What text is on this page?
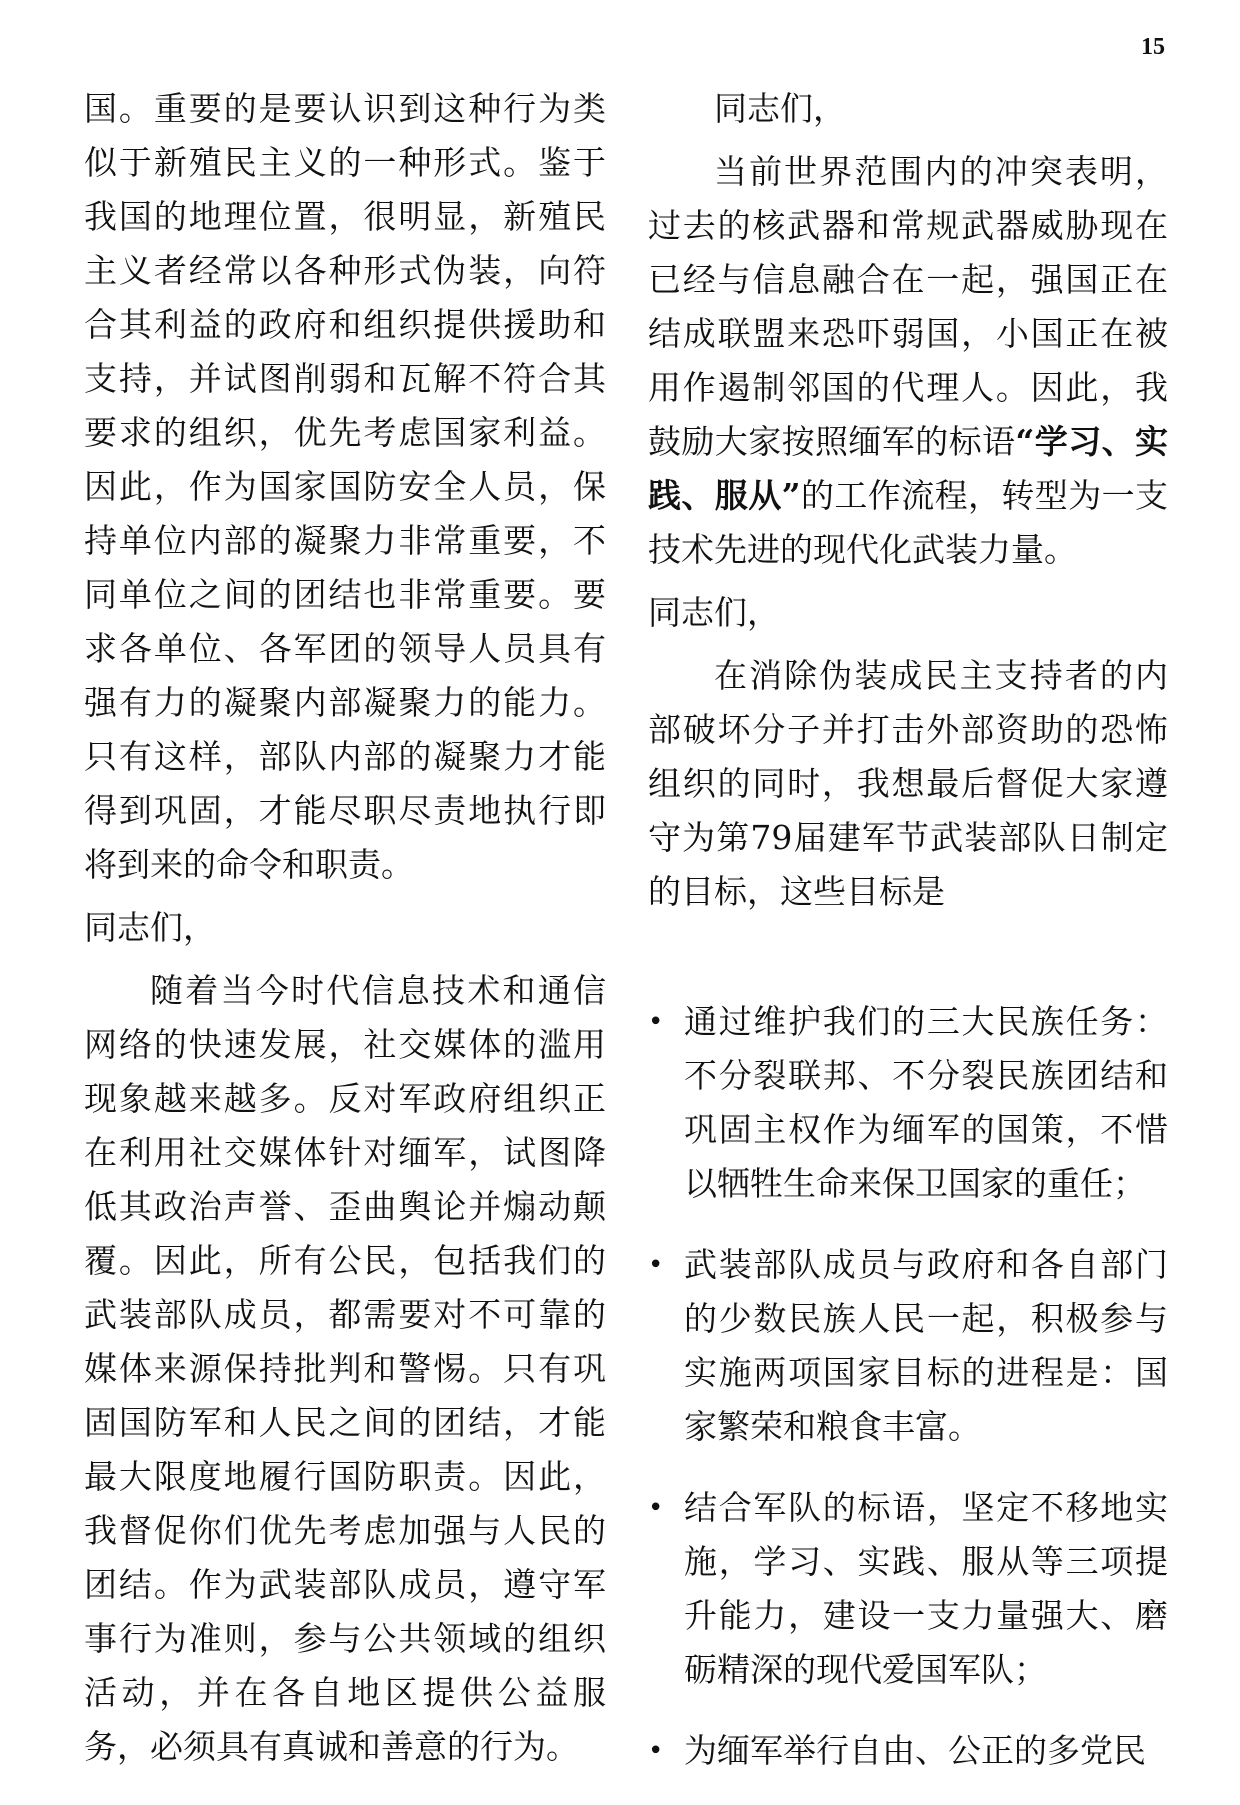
15

国。重要的是要认识到这种行为类似于新殖民主义的一种形式。鉴于我国的地理位置，很明显，新殖民主义者经常以各种形式伪装，向符合其利益的政府和组织提供援助和支持，并试图削弱和瓦解不符合其要求的组织，优先考虑国家利益。因此，作为国家国防安全人员，保持单位内部的凝聚力非常重要，不同单位之间的团结也非常重要。要求各单位、各军团的领导人员具有强有力的凝聚内部凝聚力的能力。只有这样，部队内部的凝聚力才能得到巩固，才能尽职尽责地执行即将到来的命令和职责。

同志们，

随着当今时代信息技术和通信网络的快速发展，社交媒体的滥用现象越来越多。反对军政府组织正在利用社交媒体针对缅军，试图降低其政治声誉、歪曲舆论并煽动颠覆。因此，所有公民，包括我们的武装部队成员，都需要对不可靠的媒体来源保持批判和警惕。只有巩固国防军和人民之间的团结，才能最大限度地履行国防职责。因此，我督促你们优先考虑加强与人民的团结。作为武装部队成员，遵守军事行为准则，参与公共领域的组织活动，并在各自地区提供公益服务，必须具有真诚和善意的行为。

同志们，

当前世界范围内的冲突表明，过去的核武器和常规武器威胁现在已经与信息融合在一起，强国正在结成联盟来恐吓弱国，小国正在被用作遏制邻国的代理人。因此，我鼓励大家按照缅军的标语“学习、实践、服从”的工作流程，转型为一支技术先进的现代化武装力量。

同志们，

在消除伪装成民主支持者的内部破坏分子并打击外部资助的恐怖组织的同时，我想最后督促大家遵守为第79届建军节武装部队日制定的目标，这些目标是

• 通过维护我们的三大民族任务：不分裂联邦、不分裂民族团结和巩固主权作为缅军的国策，不惜以牺牲生命来保卫国家的重任；
• 武装部队成员与政府和各自部门的少数民族人民一起，积极参与实施两项国家目标的进程是：国家繁荣和粮食丰富。
• 结合军队的标语，坚定不移地实施，学习、实践、服从等三项提升能力，建设一支力量强大、磨砺精深的现代爱国军队；
• 为缅军举行自由、公正的多党民
